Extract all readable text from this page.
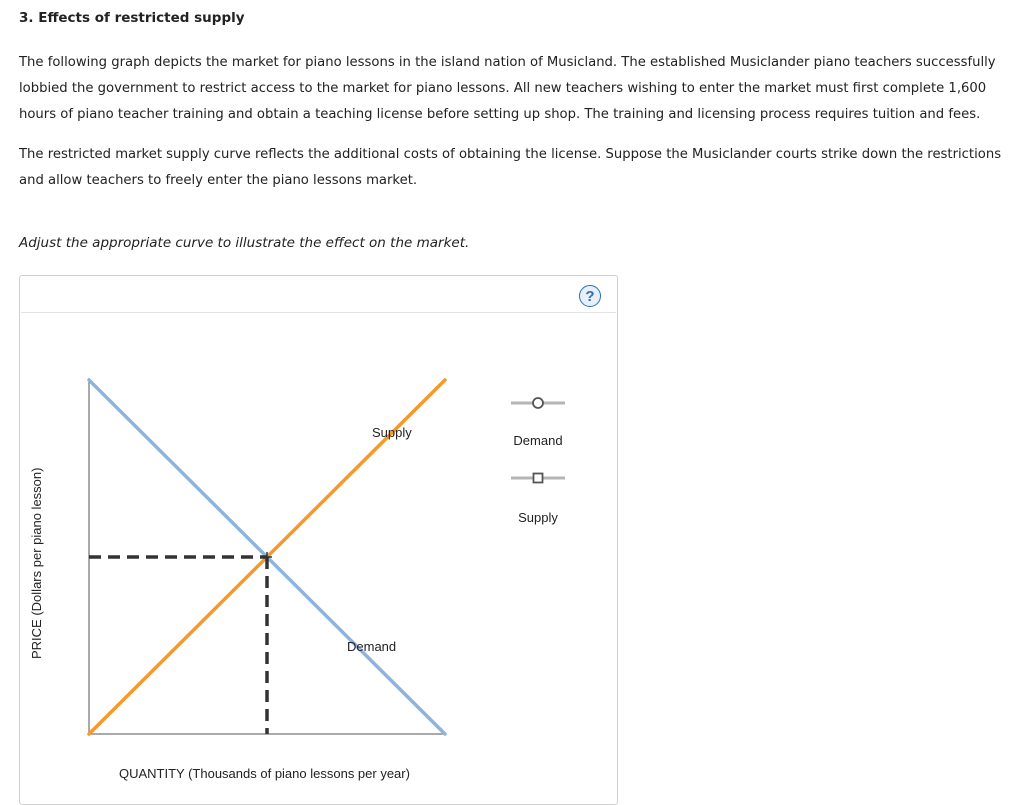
3. Effects of restricted supply
The following graph depicts the market for piano lessons in the island nation of Musicland. The established Musiclander piano teachers successfully lobbied the government to restrict access to the market for piano lessons. All new teachers wishing to enter the market must first complete 1,600 hours of piano teacher training and obtain a teaching license before setting up shop. The training and licensing process requires tuition and fees.
The restricted market supply curve reflects the additional costs of obtaining the license. Suppose the Musiclander courts strike down the restrictions and allow teachers to freely enter the piano lessons market.
Adjust the appropriate curve to illustrate the effect on the market.
?
Supply
Demand
QUANTITY (Thousands of piano lessons per year)
PRICE (Dollars per piano lesson)
Demand
Supply
